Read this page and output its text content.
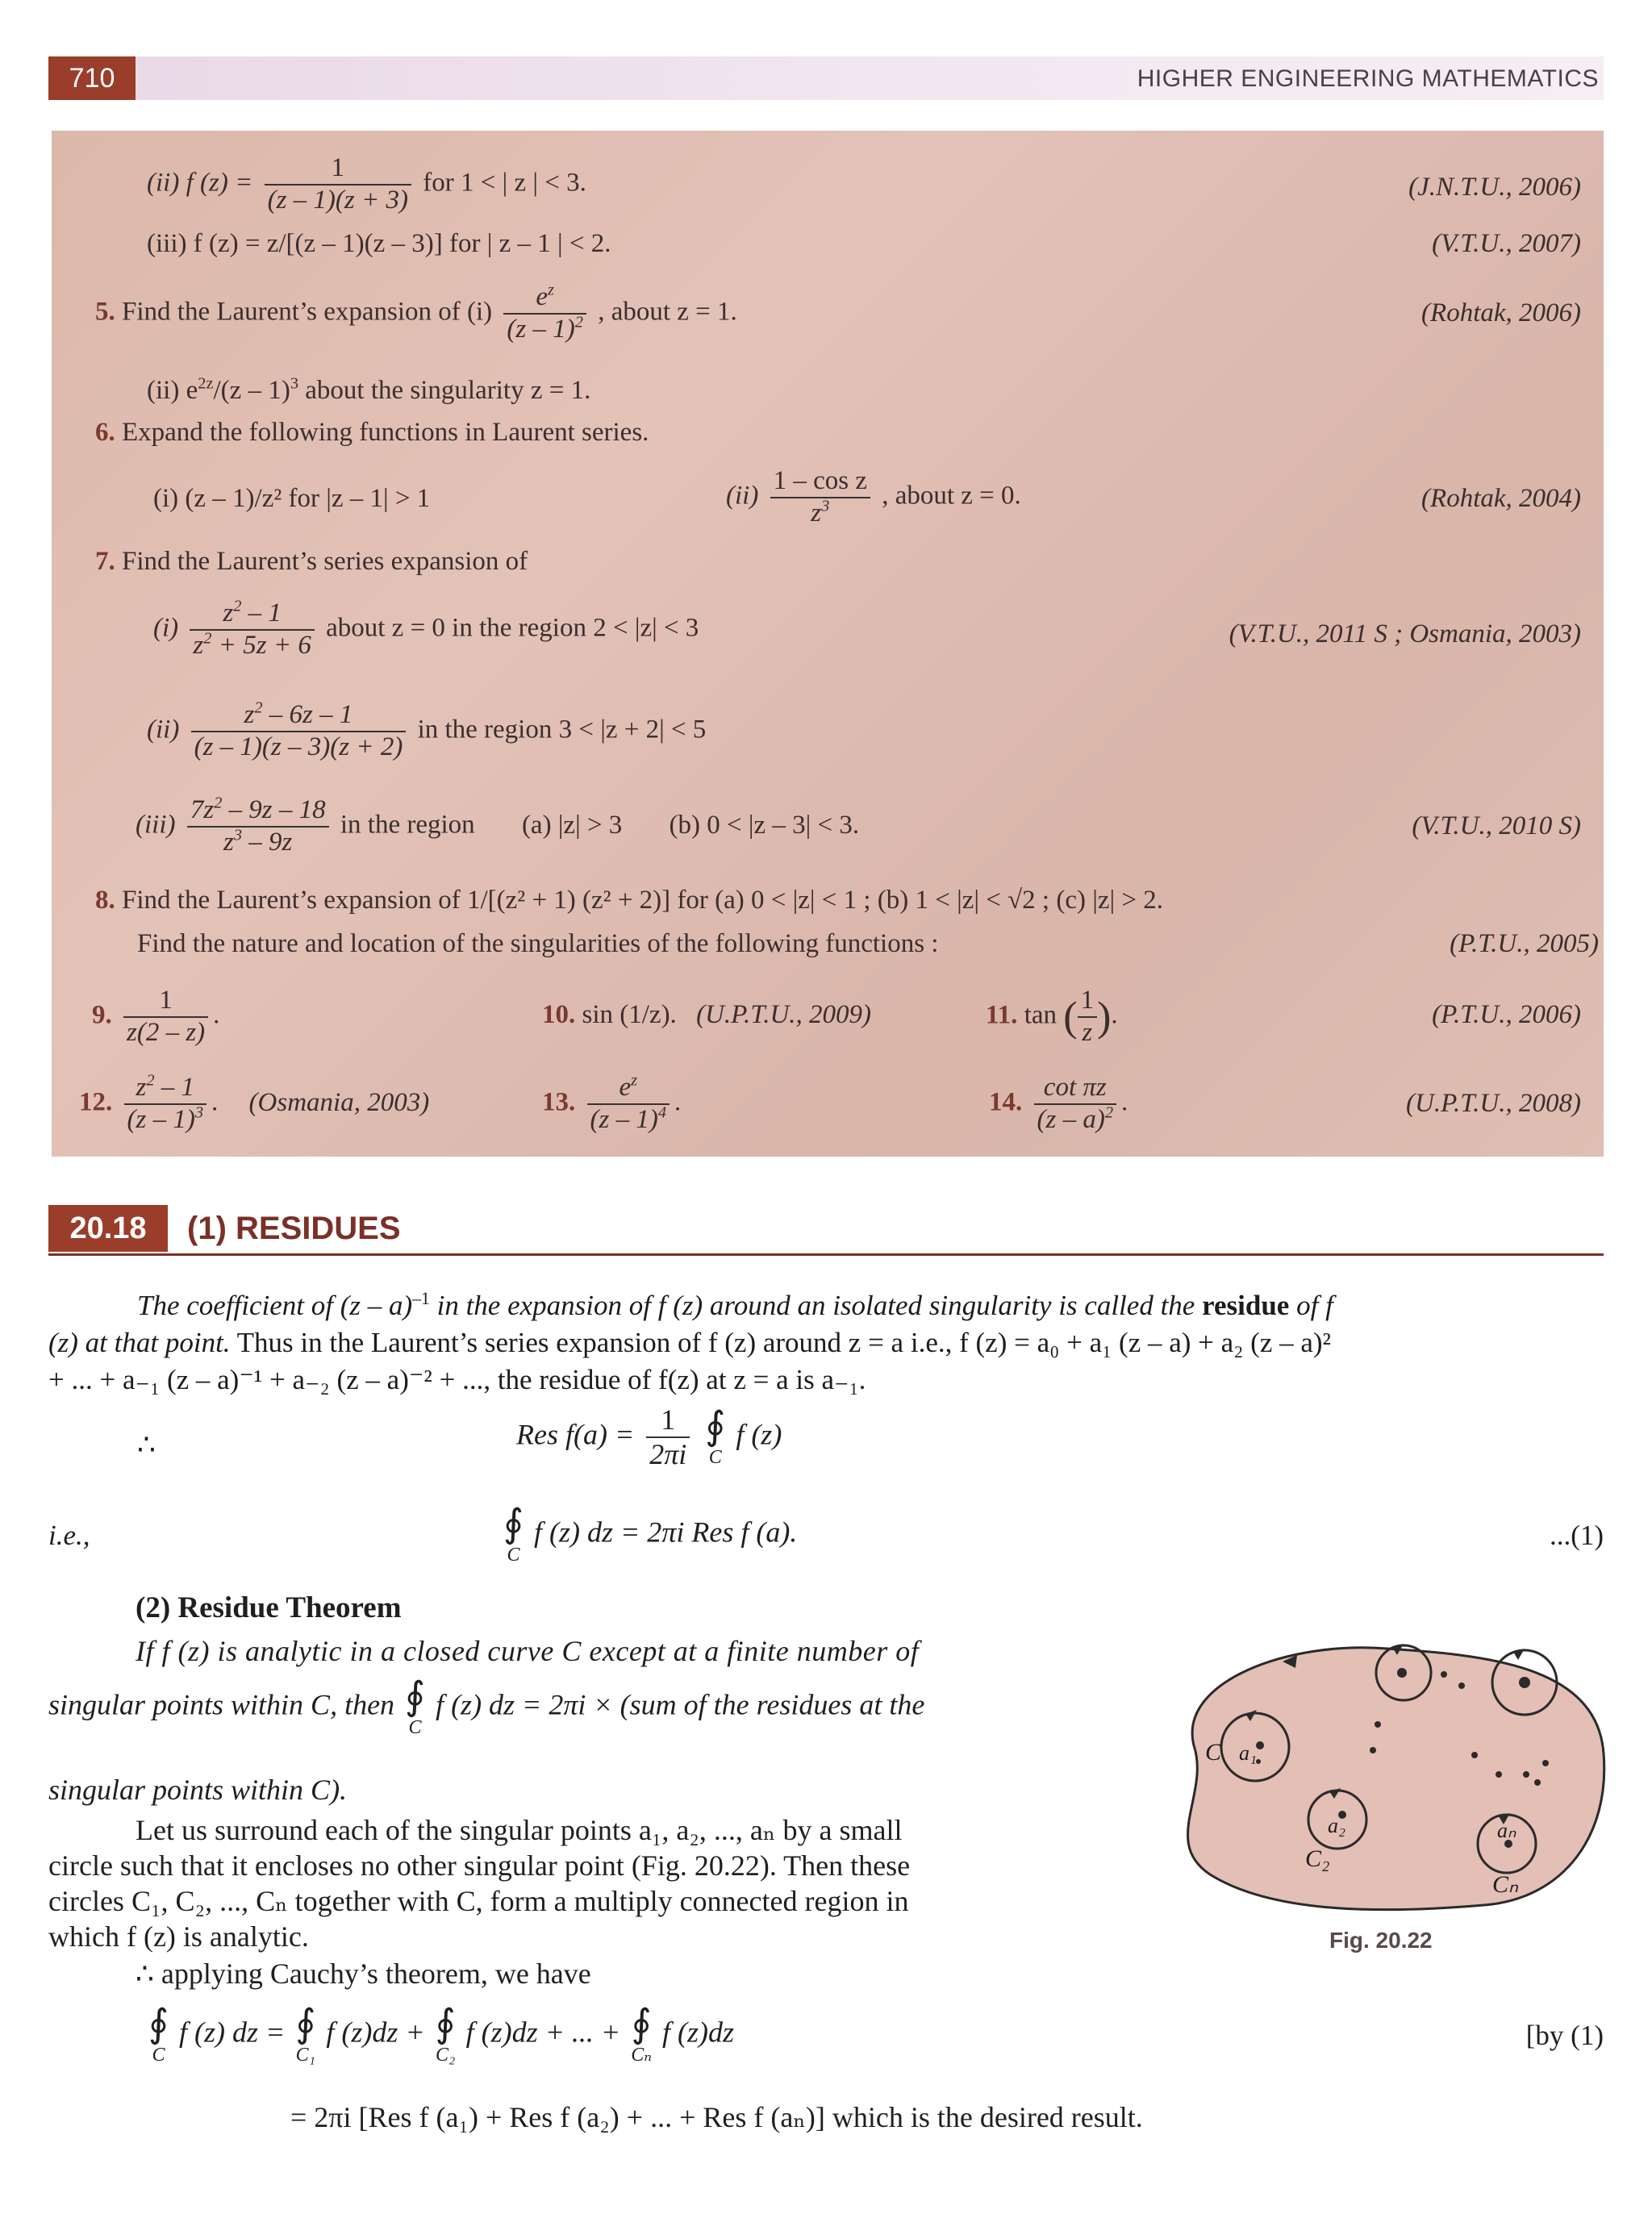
710	HIGHER ENGINEERING MATHEMATICS
(ii) f $(z) = \frac{1}{(z - 1)(z + 3)}$ for 1 < | z | < 3.	(J.N.T.U., 2006)
(iii) f (z) = z/[(z – 1)(z – 3)] for | z – 1 | < 2.	(V.T.U., 2007)
5. Find the Laurent’s expansion of $(i) \frac{e^z}{(z - 1)^2}$ , about z = 1.	(Rohtak, 2006)
(ii) $e^{2z}/(z - 1)^3$ about the singularity z = 1.
6. Expand the following functions in Laurent series.
(i) (z – 1)/z² for |z – 1| > 1	$(ii) \frac{\text{1 – cos z}}{z^3}$ , about z = 0.	(Rohtak, 2004)
7. Find the Laurent’s series expansion of
$(i) \frac{z^2 - 1}{z^2 + 5z + 6}$ about z = 0 in the region 2 < |z| < 3	(V.T.U., 2011 S ; Osmania, 2003)
$(ii) \frac{z^2 - 6z - 1}{(z - 1)(z - 3)(z + 2)}$ in the region 3 < |z + 2| < 5
$(iii) \frac{7z^2 - 9z - 18}{z^3 - 9z}$ in the region (a) |z| > 3 (b) 0 < |z – 3| < 3.	(V.T.U., 2010 S)
8. Find the Laurent’s expansion of 1/[(z² + 1) (z² + 2)] for (a) 0 < |z| < 1 ; (b) 1 < |z| < √2 ; (c) |z| > 2.
Find the nature and location of the singularities of the following functions :	(P.T.U., 2005)
9. $\frac{1}{z(2 - z)}$ .	10. sin (1/z). (U.P.T.U., 2009)	11. tan ( $\frac{1}{z}$ ).	(P.T.U., 2006)
12. $\frac{z^2 - 1}{(z - 1)^3}$ . (Osmania, 2003)	13. $\frac{e^z}{(z - 1)^4}$ .	14. $\frac{\text{cot πz}}{(z - a)^2}$ .	(U.P.T.U., 2008)
20.18	(1) RESIDUES
The coefficient of (z – a)$^{-1}$ in the expansion of f (z) around an isolated singularity is called the residue of f
(z) at that point. Thus in the Laurent’s series expansion of f (z) around z = a i.e., f (z) = a₀ + a₁ (z – a) + a₂ (z – a)²
+ ... + a₋₁ (z – a)⁻¹ + a₋₂ (z – a)⁻² + ..., the residue of f(z) at z = a is a₋₁.
∴	Res $f(a) = \frac{1}{2\pi i}$
∮
C
f (z)
i.e.,	∮
C
f (z) dz = 2πi Res f (a).	...(1)
(2) Residue Theorem
If f (z) is analytic in a closed curve C except at a finite number of
singular points within C, then ∮
C
f (z) dz = 2πi × (sum of the residues at the
singular points within C).
Let us surround each of the singular points a₁, a₂, ..., aₙ by a small
circle such that it encloses no other singular point (Fig. 20.22). Then these
circles C₁, C₂, ..., Cₙ together with C, form a multiply connected region in
which f (z) is analytic.
∴ applying Cauchy’s theorem, we have
∮
C
f (z) dz = ∮
C₁
f (z)dz + ∮
C₂
f (z)dz + ... + ∮
Cₙ
f (z)dz	[by (1)
= 2πi [Res f (a₁) + Res f (a₂) + ... + Res f (aₙ)] which is the desired result.
C a₁
a₂
C₂
aₙ
Cₙ
Fig. 20.22
